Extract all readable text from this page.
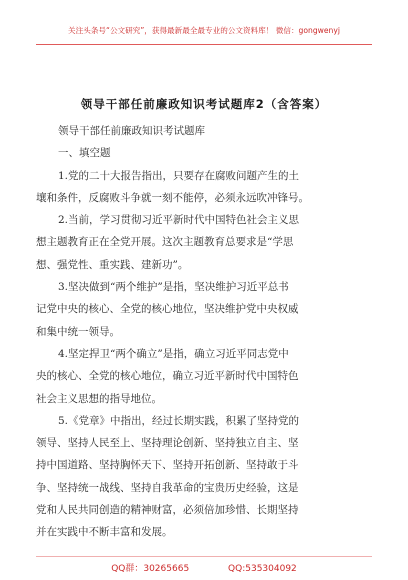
关注头条号“公文研究”，获得最新最全最专业的公文资料库！ 微信：gongwenyj
领导干部任前廉政知识考试题库2（含答案）
领导干部任前廉政知识考试题库
一、填空题
1.党的二十大报告指出，只要存在腐败问题产生的土
壤和条件，反腐败斗争就一刻不能停，必须永远吹冲锋号。
2.当前，学习贯彻习近平新时代中国特色社会主义思
想主题教育正在全党开展。这次主题教育总要求是“学思
想、强党性、重实践、建新功”。
3.坚决做到“两个维护”是指，坚决维护习近平总书
记党中央的核心、全党的核心地位，坚决维护党中央权威
和集中统一领导。
4.坚定捍卫“两个确立”是指，确立习近平同志党中
央的核心、全党的核心地位，确立习近平新时代中国特色
社会主义思想的指导地位。
5.《党章》中指出，经过长期实践，积累了坚持党的
领导、坚持人民至上、坚持理论创新、坚持独立自主、坚
持中国道路、坚持胸怀天下、坚持开拓创新、坚持敢于斗
争、坚持统一战线、坚持自我革命的宝贵历史经验，这是
党和人民共同创造的精神财富，必须倍加珍惜、长期坚持
并在实践中不断丰富和发展。
QQ群：30265665	QQ:535304092
